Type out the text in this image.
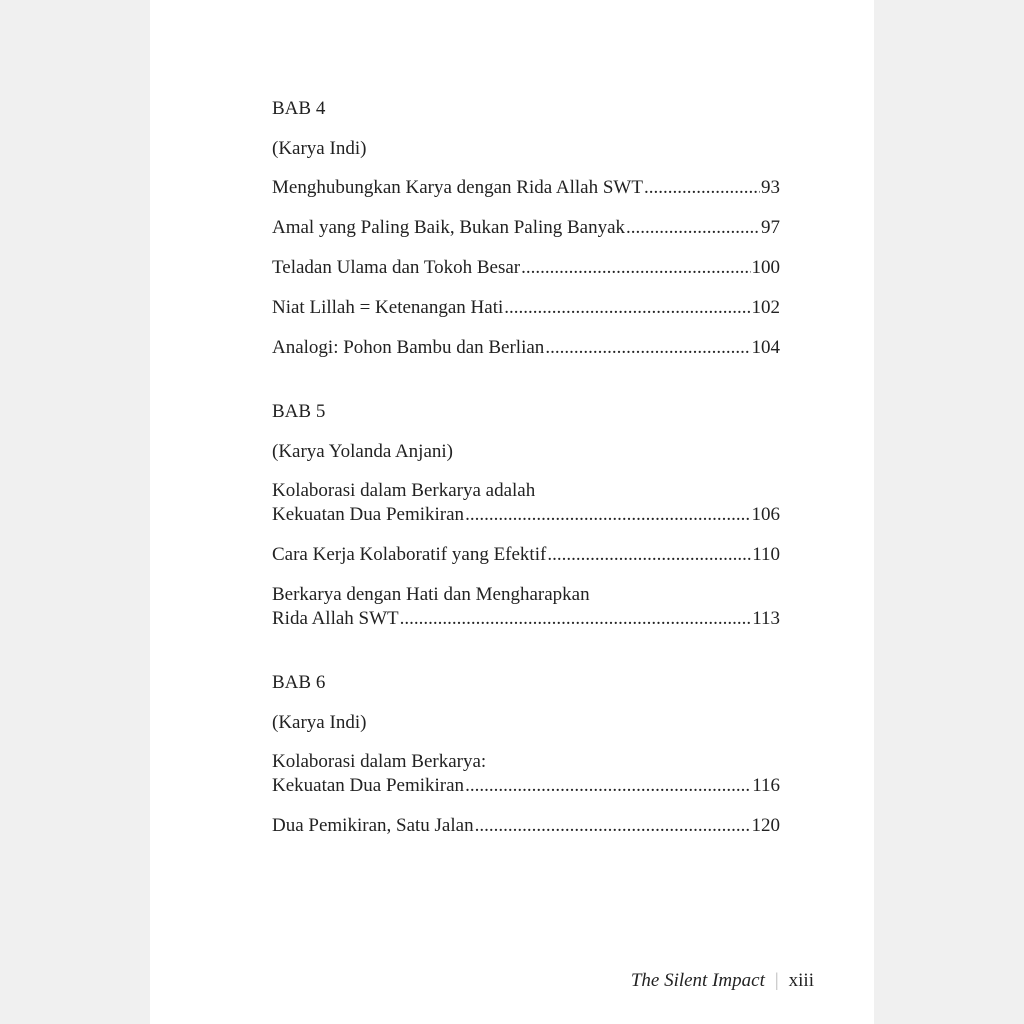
BAB 4
(Karya Indi)
Menghubungkan Karya dengan Rida Allah SWT .....	93
Amal yang Paling Baik, Bukan Paling Banyak .....	97
Teladan Ulama dan Tokoh Besar .....	100
Niat Lillah = Ketenangan Hati .....	102
Analogi: Pohon Bambu dan Berlian .....	104
BAB 5
(Karya Yolanda Anjani)
Kolaborasi dalam Berkarya adalah
Kekuatan Dua Pemikiran .....	106
Cara Kerja Kolaboratif yang Efektif .....	110
Berkarya dengan Hati dan Mengharapkan
Rida Allah SWT .....	113
BAB 6
(Karya Indi)
Kolaborasi dalam Berkarya:
Kekuatan Dua Pemikiran .....	116
Dua Pemikiran, Satu Jalan .....	120
The Silent Impact | xiii
